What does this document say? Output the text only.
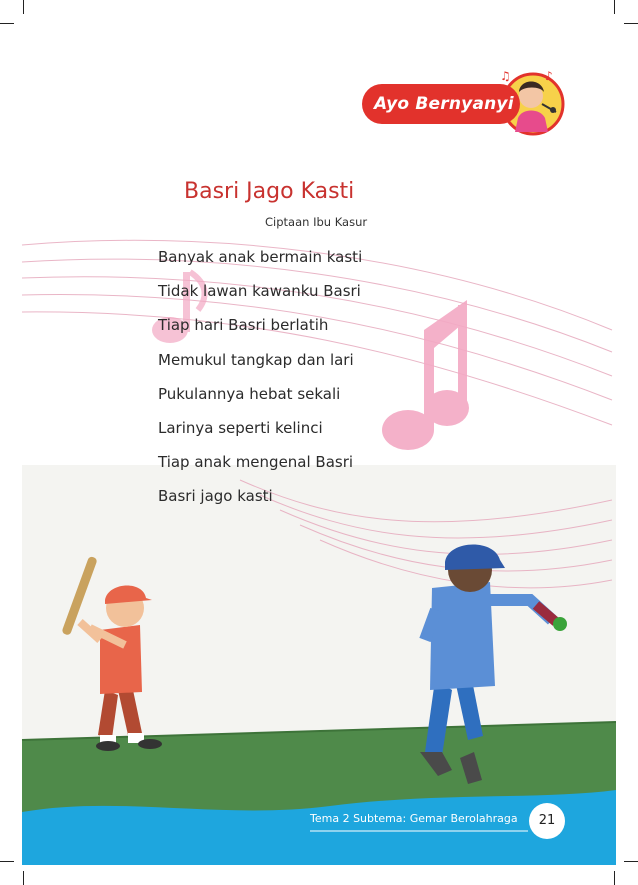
♫	♪
Ayo Bernyanyi
Basri Jago Kasti
Ciptaan Ibu Kasur
Banyak anak bermain kasti
Tidak lawan kawanku Basri
Tiap hari Basri berlatih
Memukul tangkap dan lari
Pukulannya hebat sekali
Larinya seperti kelinci
Tiap anak mengenal Basri
Basri jago kasti
Tema 2 Subtema: Gemar Berolahraga	21
